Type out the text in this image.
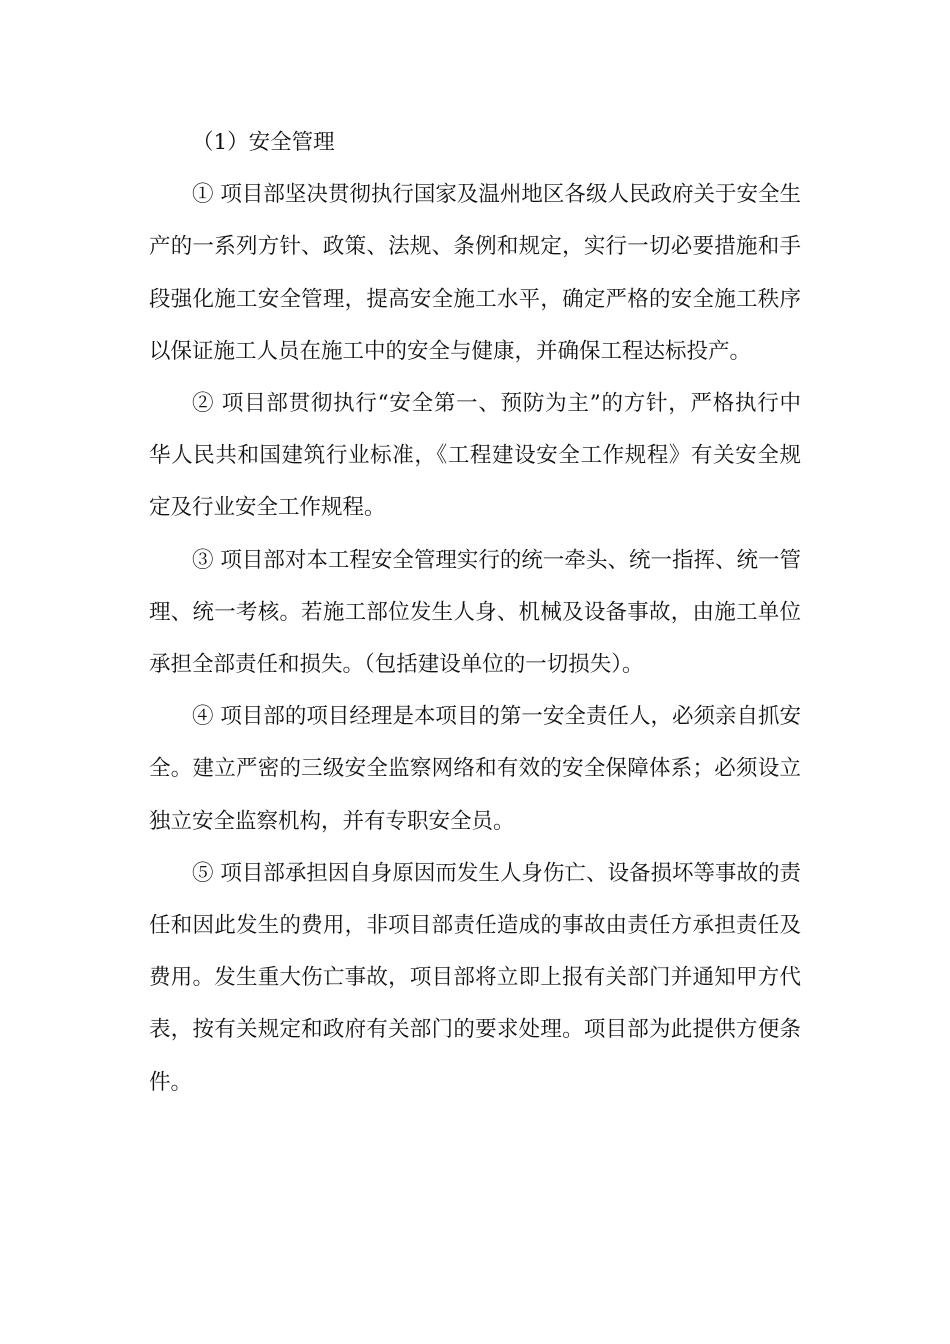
（1）安全管理

① 项目部坚决贯彻执行国家及温州地区各级人民政府关于安全生产的一系列方针、政策、法规、条例和规定，实行一切必要措施和手段强化施工安全管理，提高安全施工水平，确定严格的安全施工秩序以保证施工人员在施工中的安全与健康，并确保工程达标投产。

② 项目部贯彻执行“安全第一、预防为主”的方针，严格执行中华人民共和国建筑行业标准，《工程建设安全工作规程》有关安全规定及行业安全工作规程。

③ 项目部对本工程安全管理实行的统一牵头、统一指挥、统一管理、统一考核。若施工部位发生人身、机械及设备事故，由施工单位承担全部责任和损失。（包括建设单位的一切损失）。

④ 项目部的项目经理是本项目的第一安全责任人，必须亲自抓安全。建立严密的三级安全监察网络和有效的安全保障体系；必须设立独立安全监察机构，并有专职安全员。

⑤ 项目部承担因自身原因而发生人身伤亡、设备损坏等事故的责任和因此发生的费用，非项目部责任造成的事故由责任方承担责任及费用。发生重大伤亡事故，项目部将立即上报有关部门并通知甲方代表，按有关规定和政府有关部门的要求处理。项目部为此提供方便条件。
